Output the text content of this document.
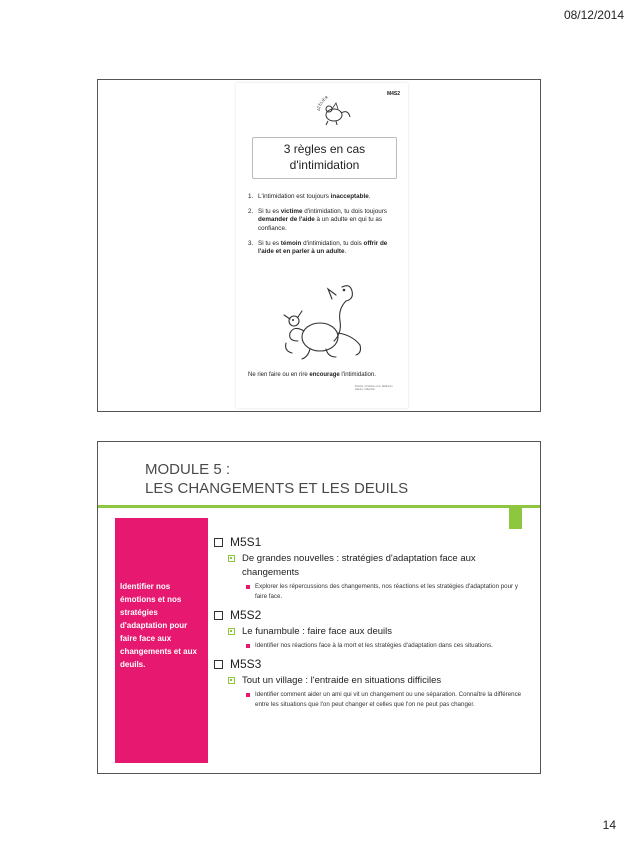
08/12/2014
M4S2
ATELIER
3 règles en cas
d'intimidation
1. L'intimidation est toujours inacceptable.
2. Si tu es victime d'intimidation, tu dois toujours demander de l'aide à un adulte en qui tu as confiance.
3. Si tu es témoin d'intimidation, tu dois offrir de l'aide et en parler à un adulte.
Ne rien faire ou en rire encourage l'intimidation.
Dubois, Christine et al. Réflexion Nature, collection
MODULE 5 :
LES CHANGEMENTS ET LES DEUILS
Identifier nos émotions et nos stratégies d'adaptation pour faire face aux changements et aux deuils.
M5S1
De grandes nouvelles : stratégies d'adaptation face aux changements
Explorer les répercussions des changements, nos réactions et les stratégies d'adaptation pour y faire face.
M5S2
Le funambule : faire face aux deuils
Identifier nos réactions face à la mort et les stratégies d'adaptation dans ces situations.
M5S3
Tout un village : l'entraide en situations difficiles
Identifier comment aider un ami qui vit un changement ou une séparation. Connaître la différence entre les situations que l'on peut changer et celles que l'on ne peut pas changer.
14
